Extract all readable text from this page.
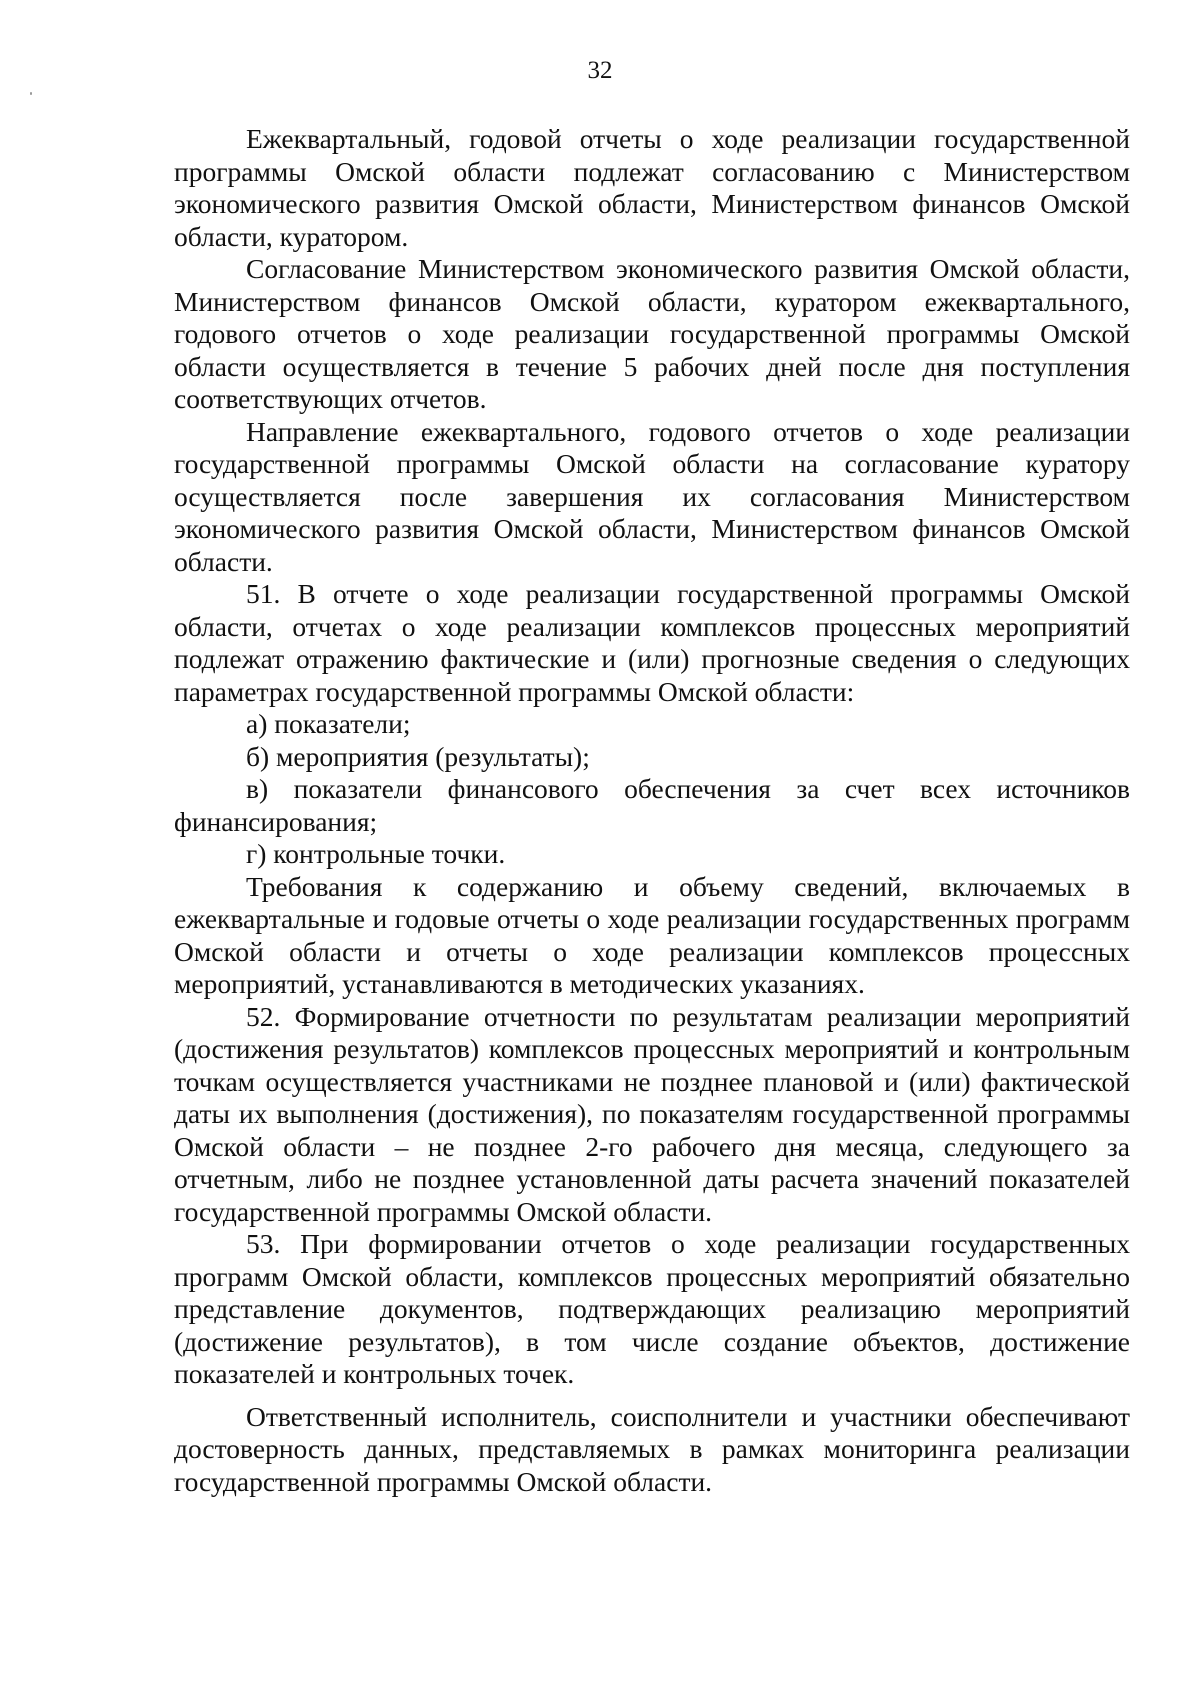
32

Ежеквартальный, годовой отчеты о ходе реализации государственной программы Омской области подлежат согласованию с Министерством экономического развития Омской области, Министерством финансов Омской области, куратором.

Согласование Министерством экономического развития Омской области, Министерством финансов Омской области, куратором ежеквартального, годового отчетов о ходе реализации государственной программы Омской области осуществляется в течение 5 рабочих дней после дня поступления соответствующих отчетов.

Направление ежеквартального, годового отчетов о ходе реализации государственной программы Омской области на согласование куратору осуществляется после завершения их согласования Министерством экономического развития Омской области, Министерством финансов Омской области.

51. В отчете о ходе реализации государственной программы Омской области, отчетах о ходе реализации комплексов процессных мероприятий подлежат отражению фактические и (или) прогнозные сведения о следующих параметрах государственной программы Омской области:

а) показатели;

б) мероприятия (результаты);

в) показатели финансового обеспечения за счет всех источников финансирования;

г) контрольные точки.

Требования к содержанию и объему сведений, включаемых в ежеквартальные и годовые отчеты о ходе реализации государственных программ Омской области и отчеты о ходе реализации комплексов процессных мероприятий, устанавливаются в методических указаниях.

52. Формирование отчетности по результатам реализации мероприятий (достижения результатов) комплексов процессных мероприятий и контрольным точкам осуществляется участниками не позднее плановой и (или) фактической даты их выполнения (достижения), по показателям государственной программы Омской области – не позднее 2-го рабочего дня месяца, следующего за отчетным, либо не позднее установленной даты расчета значений показателей государственной программы Омской области.

53. При формировании отчетов о ходе реализации государственных программ Омской области, комплексов процессных мероприятий обязательно представление документов, подтверждающих реализацию мероприятий (достижение результатов), в том числе создание объектов, достижение показателей и контрольных точек.

Ответственный исполнитель, соисполнители и участники обеспечивают достоверность данных, представляемых в рамках мониторинга реализации государственной программы Омской области.
